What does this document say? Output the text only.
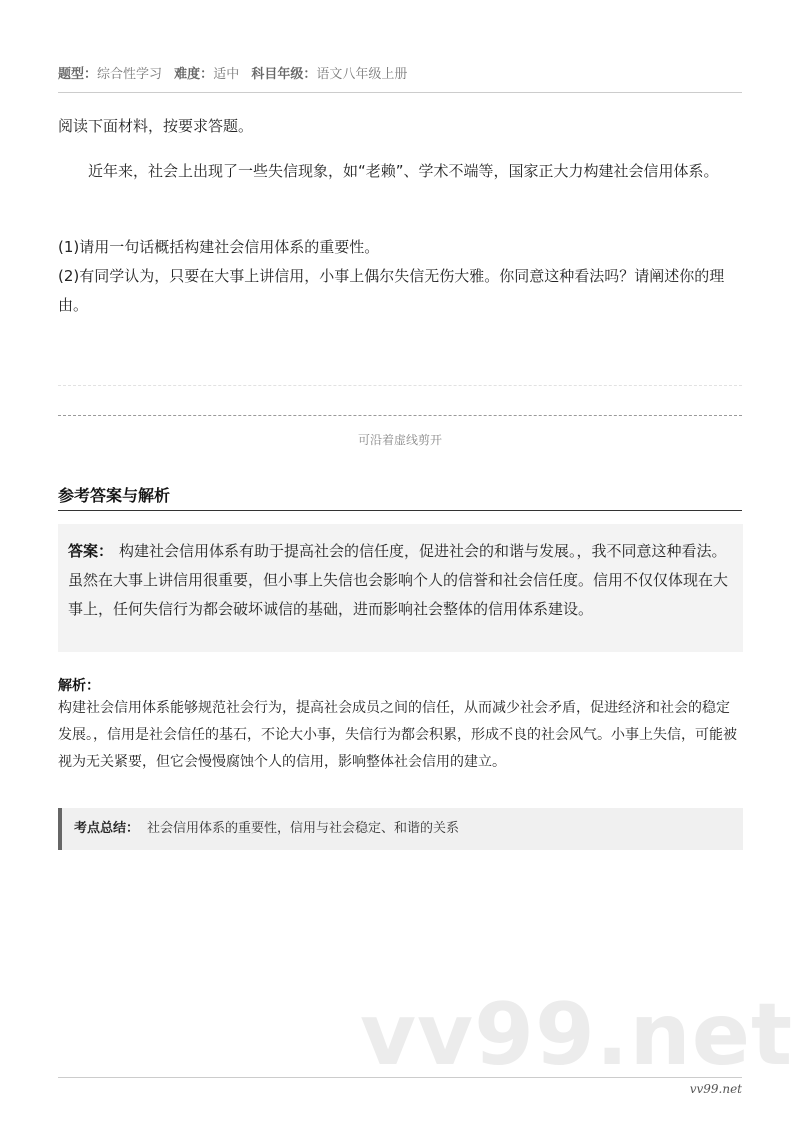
题型：综合性学习 难度：适中 科目年级：语文八年级上册
阅读下面材料，按要求答题。
近年来，社会上出现了一些失信现象，如“老赖”、学术不端等，国家正大力构建社会信用体系。
(1)请用一句话概括构建社会信用体系的重要性。
(2)有同学认为，只要在大事上讲信用，小事上偶尔失信无伤大雅。你同意这种看法吗？请阐述你的理由。
可沿着虚线剪开
参考答案与解析
答案： 构建社会信用体系有助于提高社会的信任度，促进社会的和谐与发展。，我不同意这种看法。虽然在大事上讲信用很重要，但小事上失信也会影响个人的信誉和社会信任度。信用不仅仅体现在大事上，任何失信行为都会破坏诚信的基础，进而影响社会整体的信用体系建设。
解析：
构建社会信用体系能够规范社会行为，提高社会成员之间的信任，从而减少社会矛盾，促进经济和社会的稳定发展。，信用是社会信任的基石，不论大小事，失信行为都会积累，形成不良的社会风气。小事上失信，可能被视为无关紧要，但它会慢慢腐蚀个人的信用，影响整体社会信用的建立。
考点总结： 社会信用体系的重要性，信用与社会稳定、和谐的关系
vv99.net
vv99.net
